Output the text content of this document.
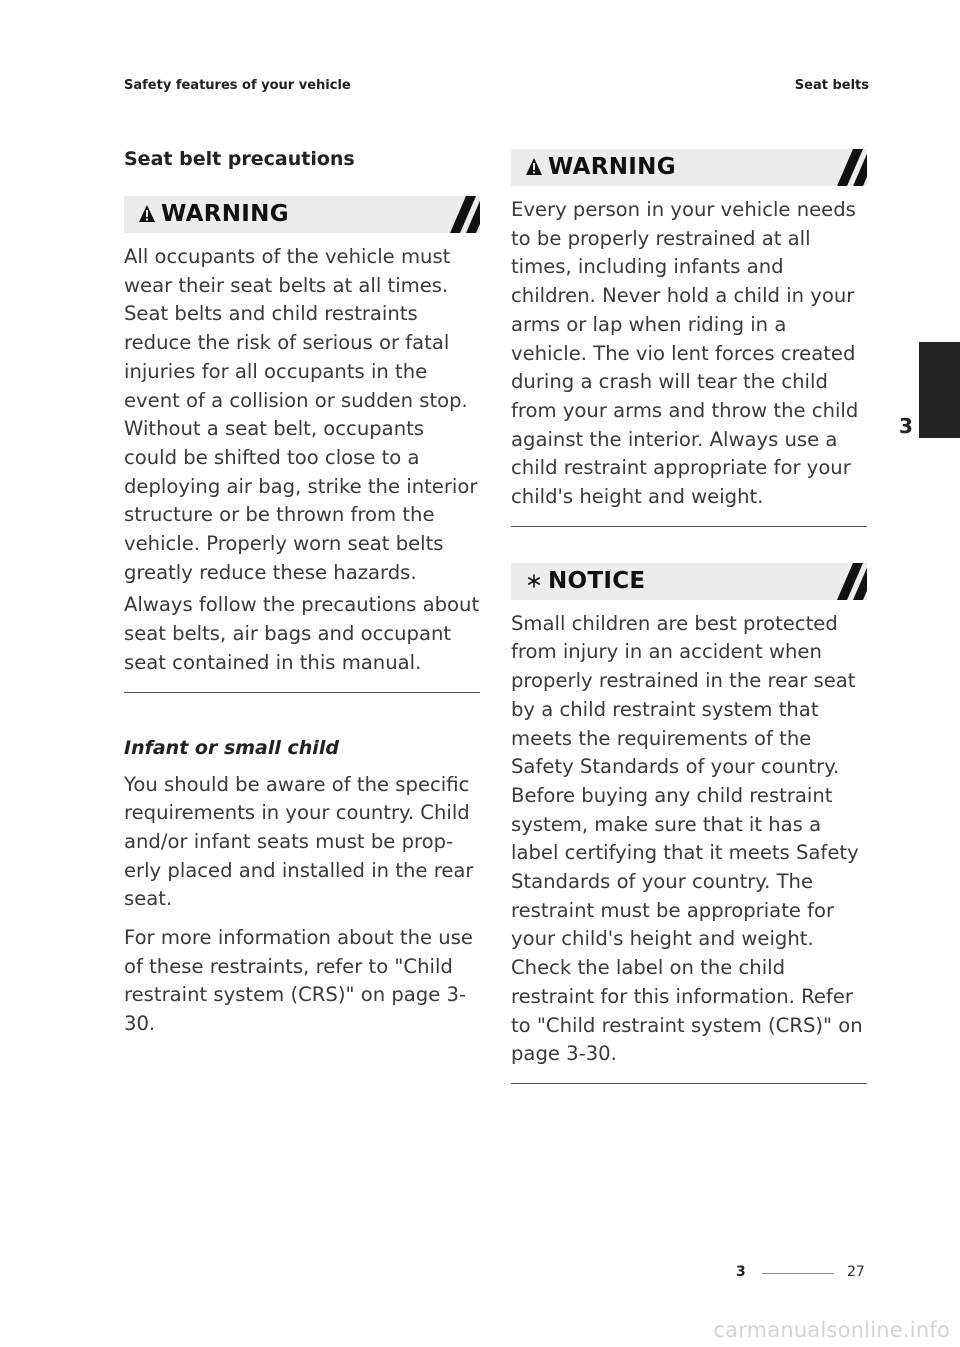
Safety features of your vehicle	Seat belts
Seat belt precautions
WARNING

All occupants of the vehicle must wear their seat belts at all times. Seat belts and child restraints reduce the risk of serious or fatal injuries for all occupants in the event of a collision or sudden stop. Without a seat belt, occupants could be shifted too close to a deploying air bag, strike the interior structure or be thrown from the vehicle. Properly worn seat belts greatly reduce these hazards.

Always follow the precautions about seat belts, air bags and occupant seat contained in this manual.

Infant or small child

You should be aware of the specific requirements in your country. Child and/or infant seats must be prop erly placed and installed in the rear seat.

For more information about the use of these restraints, refer to "Child restraint system (CRS)" on page 3-30.

WARNING

Every person in your vehicle needs to be properly restrained at all times, including infants and children. Never hold a child in your arms or lap when riding in a vehicle. The vio lent forces created during a crash will tear the child from your arms and throw the child against the interior. Always use a child restraint appropriate for your child's height and weight.

NOTICE

Small children are best protected from injury in an accident when properly restrained in the rear seat by a child restraint system that meets the requirements of the Safety Standards of your country. Before buying any child restraint system, make sure that it has a label certifying that it meets Safety Standards of your country. The restraint must be appropriate for your child's height and weight. Check the label on the child restraint for this information. Refer to "Child restraint system (CRS)" on page 3-30.

3
3	27
carmanualsonline.info
